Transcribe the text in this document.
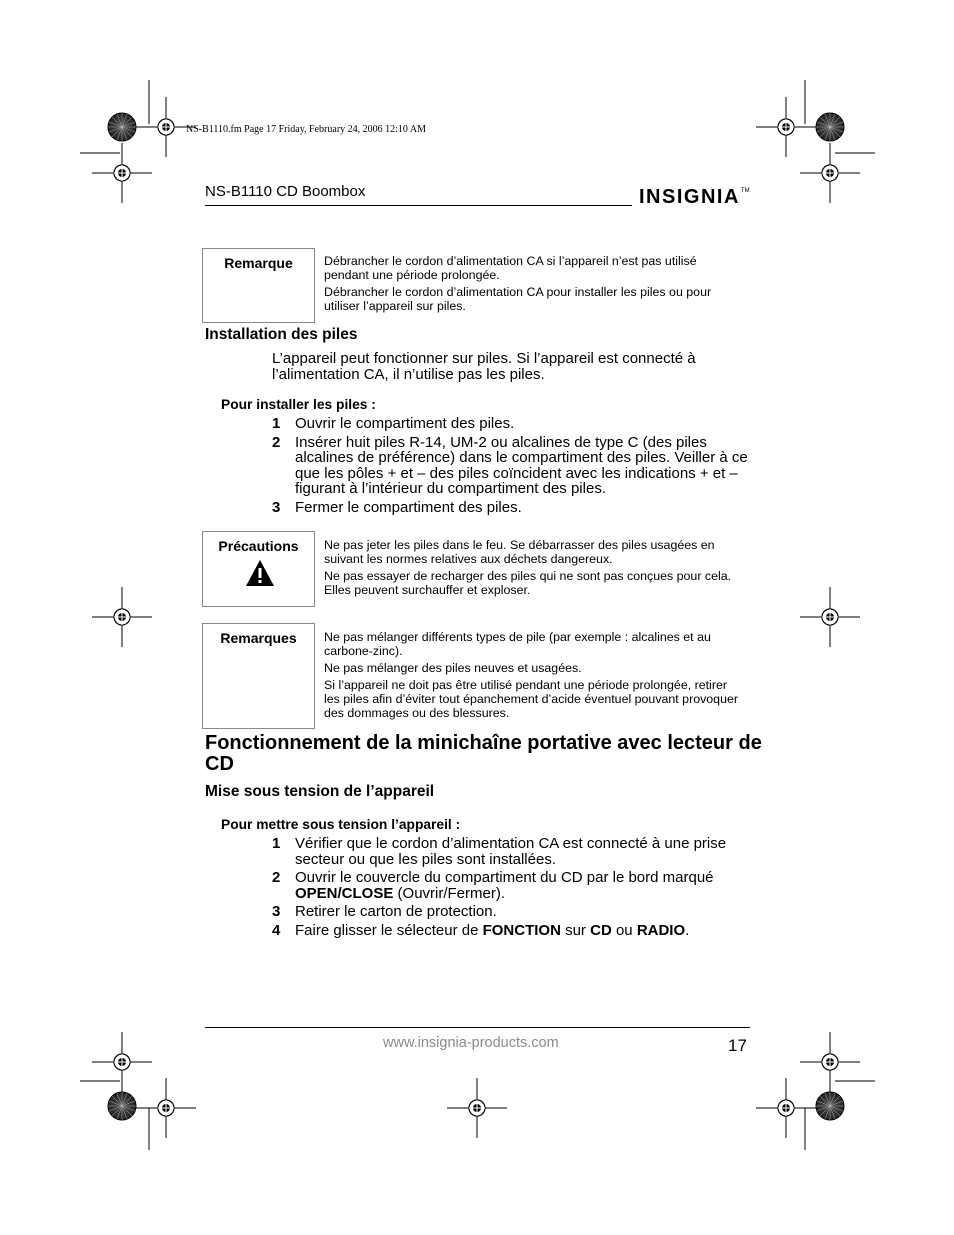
NS-B1110.fm Page 17 Friday, February 24, 2006 12:10 AM
NS-B1110 CD Boombox	INSIGNIA™
Remarque	Débrancher le cordon d’alimentation CA si l’appareil n’est pas utilisé pendant une période prolongée.

Débrancher le cordon d’alimentation CA pour installer les piles ou pour utiliser l’appareil sur piles.

Installation des piles
L’appareil peut fonctionner sur piles. Si l’appareil est connecté à l’alimentation CA, il n’utilise pas les piles.
Pour installer les piles :
1 Ouvrir le compartiment des piles.
2 Insérer huit piles R-14, UM-2 ou alcalines de type C (des piles alcalines de préférence) dans le compartiment des piles. Veiller à ce que les pôles + et – des piles coïncident avec les indications + et – figurant à l’intérieur du compartiment des piles.
3 Fermer le compartiment des piles.
Précautions	Ne pas jeter les piles dans le feu. Se débarrasser des piles usagées en suivant les normes relatives aux déchets dangereux.

Ne pas essayer de recharger des piles qui ne sont pas conçues pour cela. Elles peuvent surchauffer et exploser.

Remarques	Ne pas mélanger différents types de pile (par exemple : alcalines et au carbone-zinc).

Ne pas mélanger des piles neuves et usagées.

Si l’appareil ne doit pas être utilisé pendant une période prolongée, retirer les piles afin d’éviter tout épanchement d’acide éventuel pouvant provoquer des dommages ou des blessures.

Fonctionnement de la minichaîne portative avec lecteur de CD
Mise sous tension de l’appareil
Pour mettre sous tension l’appareil :
1 Vérifier que le cordon d’alimentation CA est connecté à une prise secteur ou que les piles sont installées.
2 Ouvrir le couvercle du compartiment du CD par le bord marqué OPEN/CLOSE (Ouvrir/Fermer).
3 Retirer le carton de protection.
4 Faire glisser le sélecteur de FONCTION sur CD ou RADIO.
www.insignia-products.com	17
